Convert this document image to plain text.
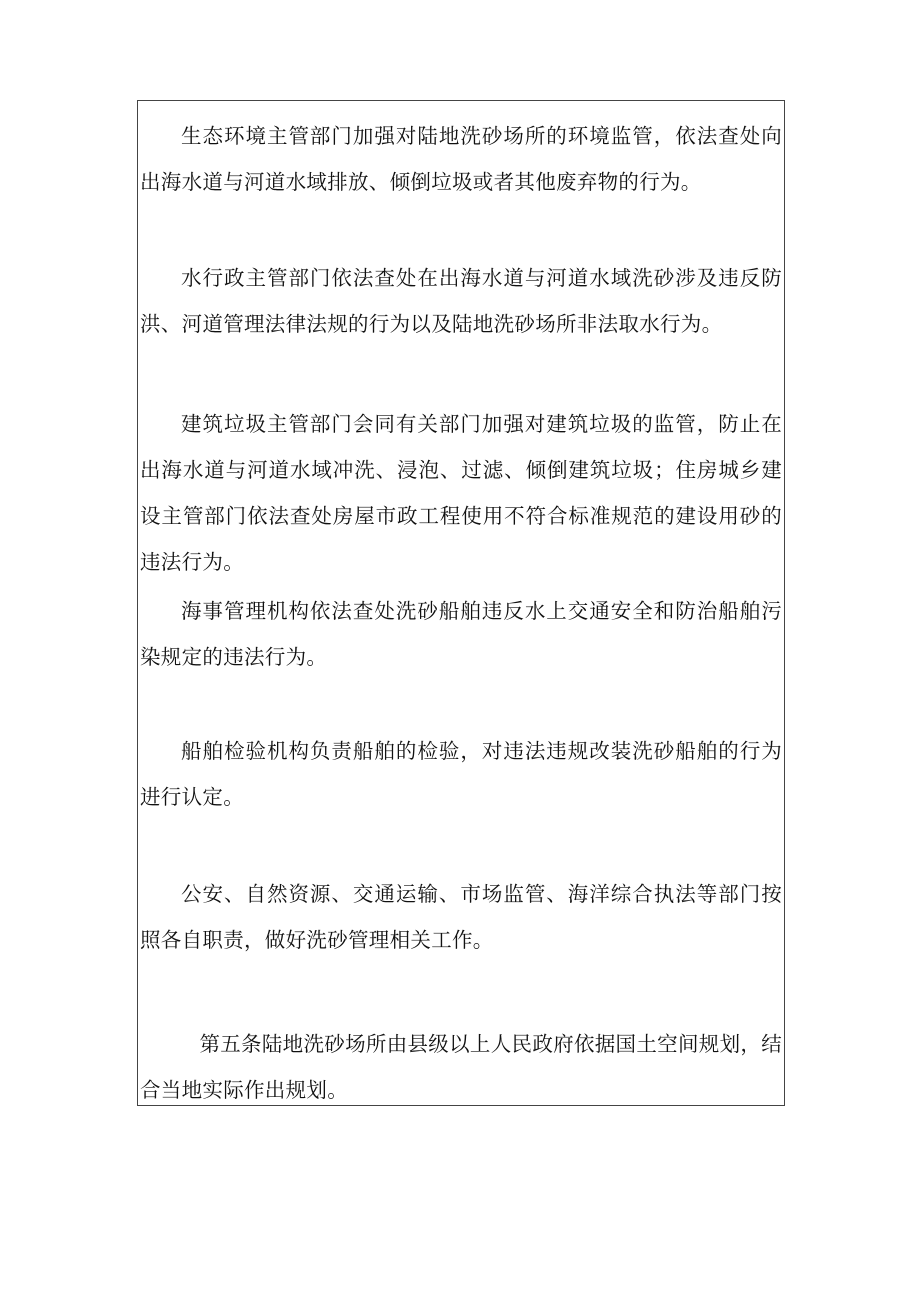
生态环境主管部门加强对陆地洗砂场所的环境监管，依法查处向出海水道与河道水域排放、倾倒垃圾或者其他废弃物的行为。

水行政主管部门依法查处在出海水道与河道水域洗砂涉及违反防洪、河道管理法律法规的行为以及陆地洗砂场所非法取水行为。

建筑垃圾主管部门会同有关部门加强对建筑垃圾的监管，防止在出海水道与河道水域冲洗、浸泡、过滤、倾倒建筑垃圾；住房城乡建设主管部门依法查处房屋市政工程使用不符合标准规范的建设用砂的违法行为。

海事管理机构依法查处洗砂船舶违反水上交通安全和防治船舶污染规定的违法行为。

船舶检验机构负责船舶的检验，对违法违规改装洗砂船舶的行为进行认定。

公安、自然资源、交通运输、市场监管、海洋综合执法等部门按照各自职责，做好洗砂管理相关工作。

第五条陆地洗砂场所由县级以上人民政府依据国土空间规划，结合当地实际作出规划。
